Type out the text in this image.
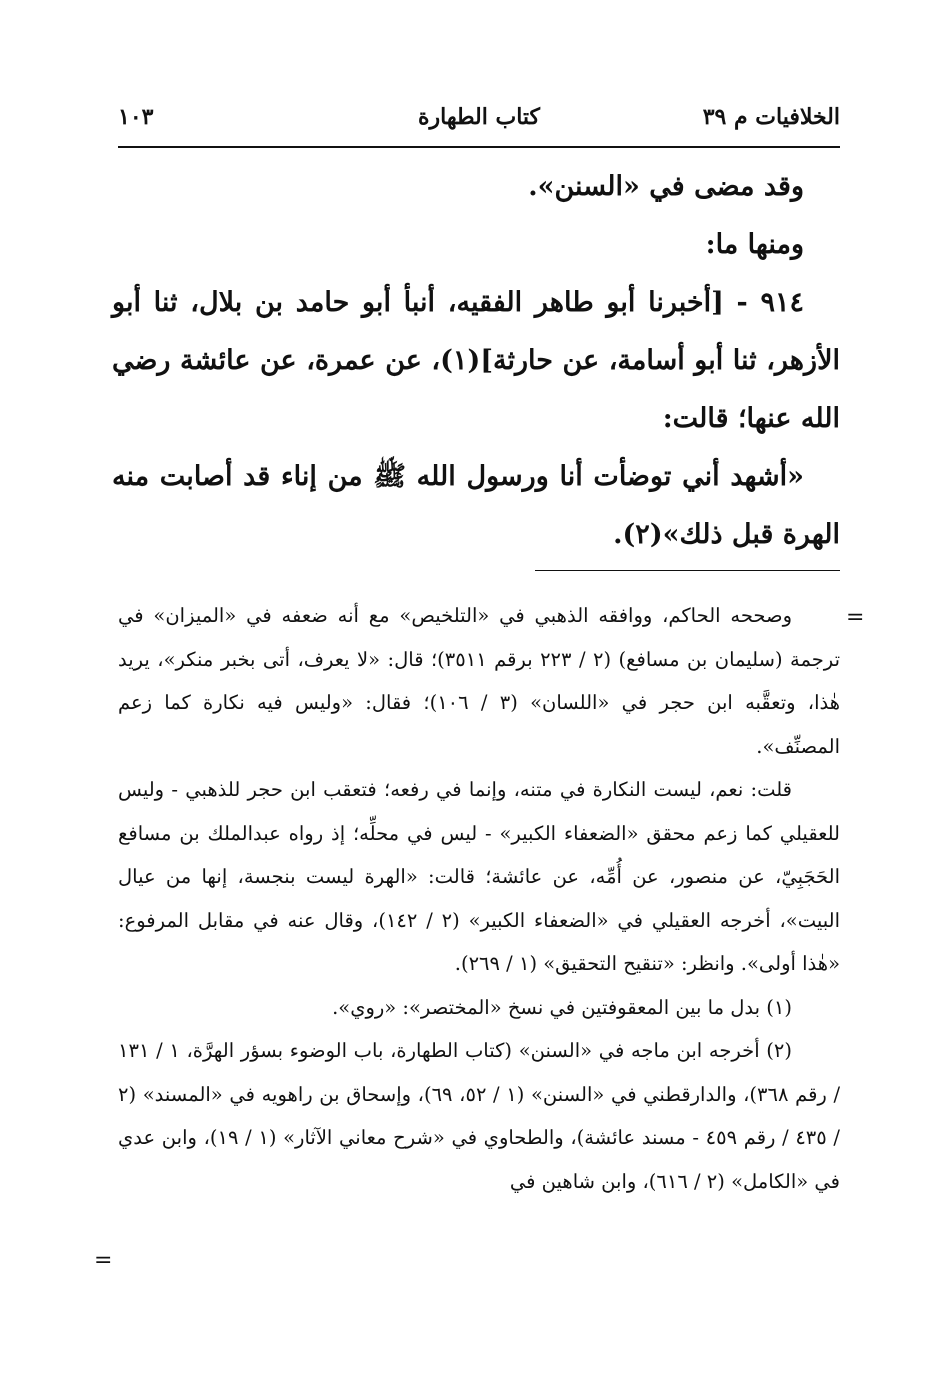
الخلافيات م ٣٩
كتاب الطهارة
١٠٣

وقد مضى في «السنن».

ومنها ما:

٩١٤ - [أخبرنا أبو طاهر الفقيه، أنبأ أبو حامد بن بلال، ثنا أبو الأزهر، ثنا أبو أسامة، عن حارثة](١)، عن عمرة، عن عائشة رضي الله عنها؛ قالت:

«أشهد أني توضأت أنا ورسول الله ﷺ من إناء قد أصابت منه الهرة قبل ذلك»(٢).

=

وصححه الحاكم، ووافقه الذهبي في «التلخيص» مع أنه ضعفه في «الميزان» في ترجمة (سليمان بن مسافع) (٢ / ٢٢٣ برقم ٣٥١١)؛ قال: «لا يعرف، أتى بخبر منكر»، يريد هٰذا، وتعقَّبه ابن حجر في «اللسان» (٣ / ١٠٦)؛ فقال: «وليس فيه نكارة كما زعم المصنِّف».

قلت: نعم، ليست النكارة في متنه، وإنما في رفعه؛ فتعقب ابن حجر للذهبي - وليس للعقيلي كما زعم محقق «الضعفاء الكبير» - ليس في محلِّه؛ إذ رواه عبدالملك بن مسافع الحَجَبِيّ، عن منصور، عن أُمِّه، عن عائشة؛ قالت: «الهرة ليست بنجسة، إنها من عيال البيت»، أخرجه العقيلي في «الضعفاء الكبير» (٢ / ١٤٢)، وقال عنه في مقابل المرفوع: «هٰذا أولى». وانظر: «تنقيح التحقيق» (١ / ٢٦٩).

(١) بدل ما بين المعقوفتين في نسخ «المختصر»: «روي».

(٢) أخرجه ابن ماجه في «السنن» (كتاب الطهارة، باب الوضوء بسؤر الهرَّة، ١ / ١٣١ / رقم ٣٦٨)، والدارقطني في «السنن» (١ / ٥٢، ٦٩)، وإسحاق بن راهويه في «المسند» (٢ / ٤٣٥ / رقم ٤٥٩ - مسند عائشة)، والطحاوي في «شرح معاني الآثار» (١ / ١٩)، وابن عدي في «الكامل» (٢ / ٦١٦)، وابن شاهين في

=
